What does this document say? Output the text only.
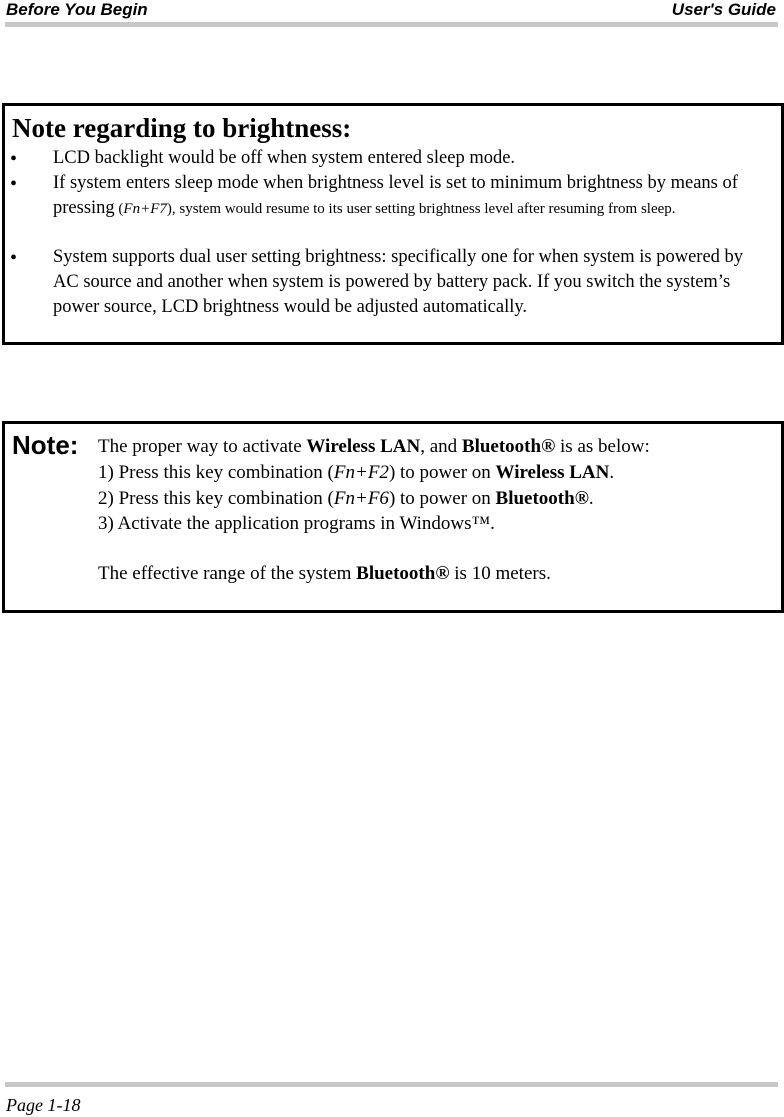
Before You Begin	User's Guide
Note regarding to brightness:
• LCD backlight would be off when system entered sleep mode.
• If system enters sleep mode when brightness level is set to minimum brightness by means of pressing (Fn+F7), system would resume to its user setting brightness level after resuming from sleep.
• System supports dual user setting brightness: specifically one for when system is powered by AC source and another when system is powered by battery pack. If you switch the system’s power source, LCD brightness would be adjusted automatically.
Note: The proper way to activate Wireless LAN, and Bluetooth® is as below:
1) Press this key combination (Fn+F2) to power on Wireless LAN.
2) Press this key combination (Fn+F6) to power on Bluetooth®.
3) Activate the application programs in Windows™.
The effective range of the system Bluetooth® is 10 meters.
Page 1-18
